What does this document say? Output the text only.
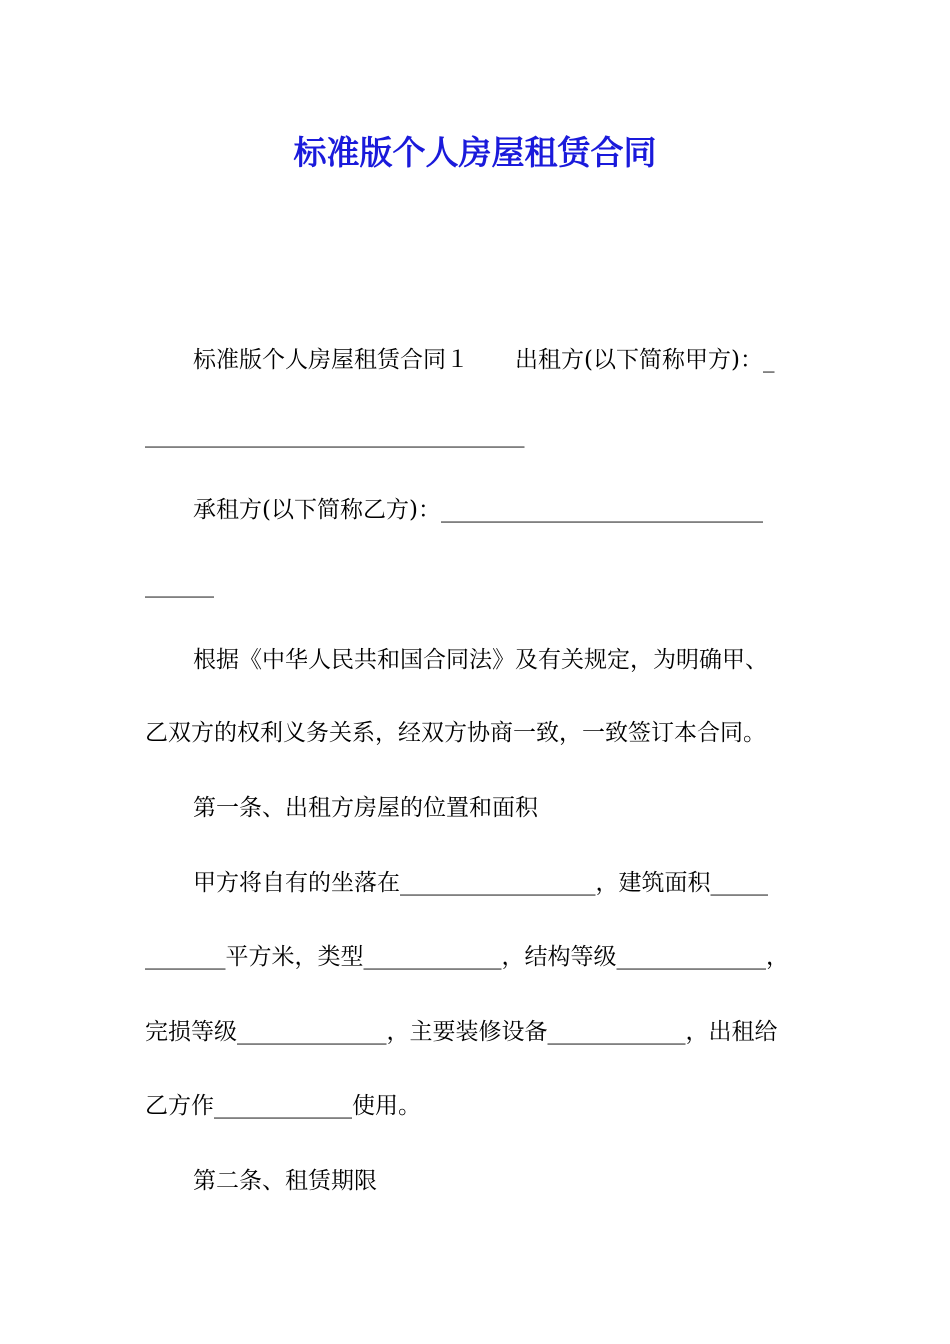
标准版个人房屋租赁合同
标准版个人房屋租赁合同１　　出租方(以下简称甲方)：_
_________________________________
承租方(以下简称乙方)：____________________________
______
根据《中华人民共和国合同法》及有关规定，为明确甲、
乙双方的权利义务关系，经双方协商一致，一致签订本合同。
第一条、出租方房屋的位置和面积
甲方将自有的坐落在_________________，建筑面积_____
_______平方米，类型____________，结构等级_____________，
完损等级_____________，主要装修设备____________，出租给
乙方作____________使用。
第二条、租赁期限
